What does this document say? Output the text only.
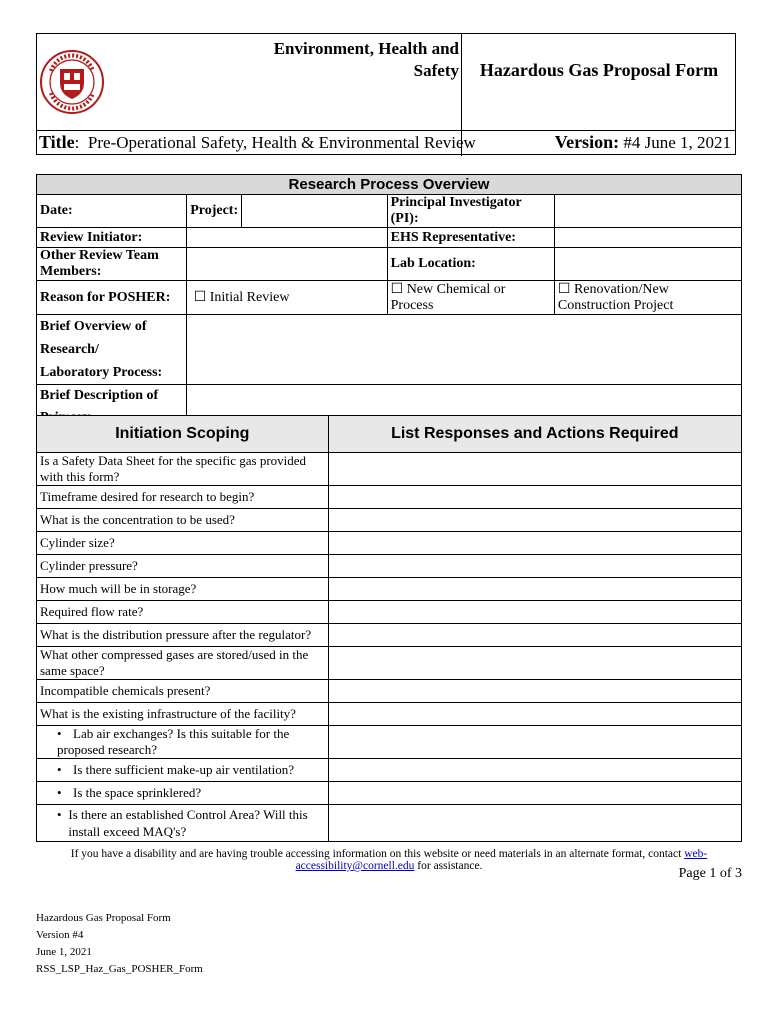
Environment, Health and
Safety	Hazardous Gas Proposal Form
Title:  Pre-Operational Safety, Health & Environmental Review	Version: #4 June 1, 2021
Research Process Overview				
Date:	Project:		Principal Investigator (PI):	
Review Initiator:			EHS Representative:	
Other Review Team Members:			Lab Location:	
Reason for POSHER:	☐ Initial Review		☐ New Chemical or Process	☐ Renovation/New Construction Project

Brief Overview of Research/
Laboratory Process:				

Brief Description of				

Initiation Scoping	List Responses and Actions Required
Is a Safety Data Sheet for the specific gas provided with this form?	
Timeframe desired for research to begin?	
What is the concentration to be used?	
Cylinder size?	
Cylinder pressure?	
How much will be in storage?	
Required flow rate?	
What is the distribution pressure after the regulator?	
What other compressed gases are stored/used in the same space?	
Incompatible chemicals present?	
What is the existing infrastructure of the facility?	
• Lab air exchanges? Is this suitable for the proposed research?	
• Is there sufficient make-up air ventilation?	
• Is the space sprinklered?	

• Is there an established Control Area? Will this install exceed MAQ's?	

If you have a disability and are having trouble accessing information on this website or need materials in an alternate format, contact web-accessibility@cornell.edu for assistance.	Page 1 of 3
Hazardous Gas Proposal Form
Version #4
June 1, 2021
RSS_LSP_Haz_Gas_POSHER_Form
